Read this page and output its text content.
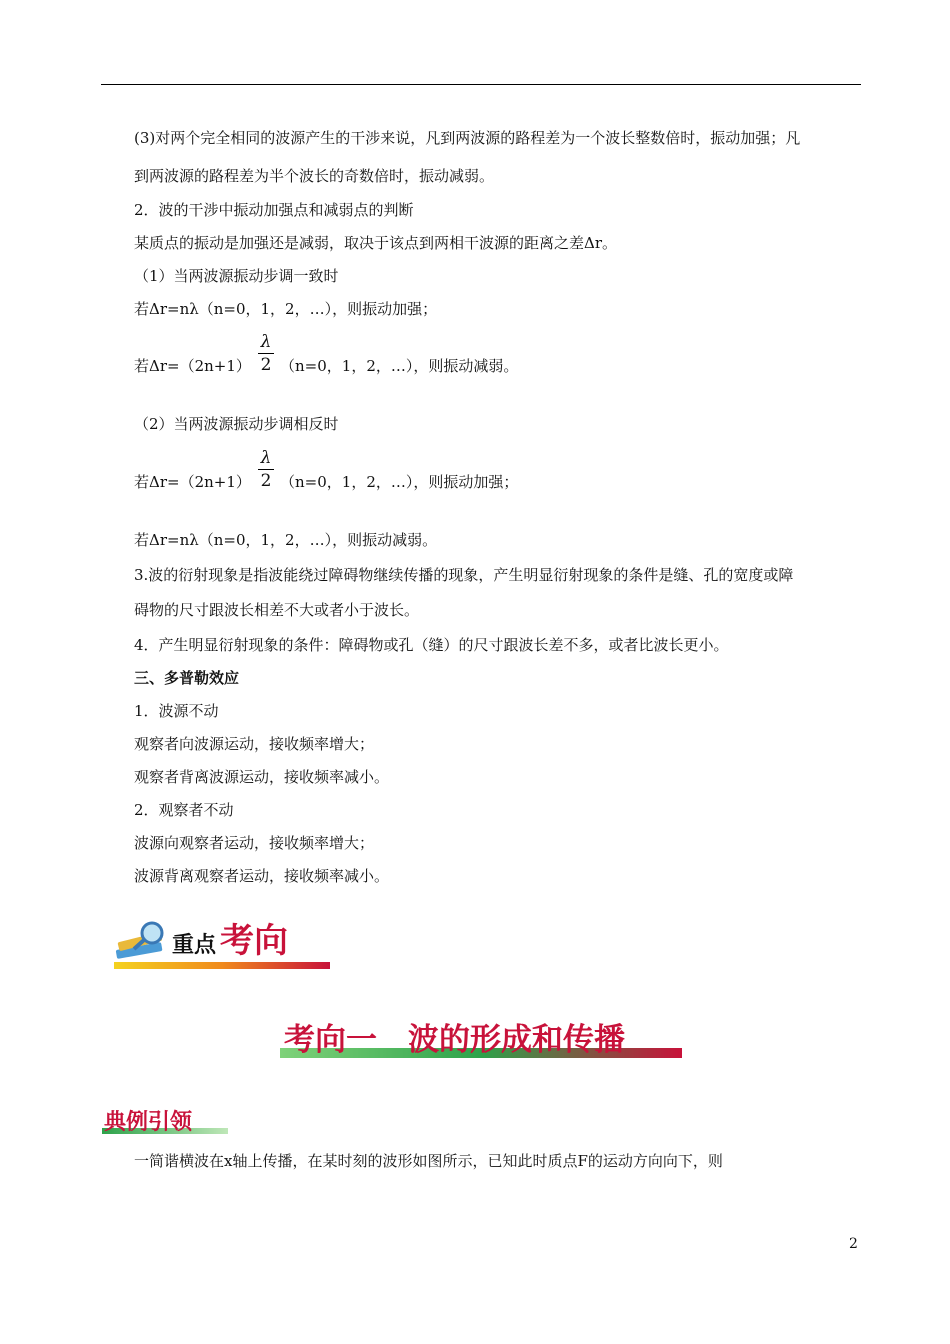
(3)对两个完全相同的波源产生的干涉来说，凡到两波源的路程差为一个波长整数倍时，振动加强；凡
到两波源的路程差为半个波长的奇数倍时，振动减弱。
2．波的干涉中振动加强点和减弱点的判断
某质点的振动是加强还是减弱，取决于该点到两相干波源的距离之差Δr。
（1）当两波源振动步调一致时
若Δr=nλ（n=0，1，2，…），则振动加强；
若Δr=（2n+1）
λ
2 （n=0，1，2，…），则振动减弱。
（2）当两波源振动步调相反时
若Δr=（2n+1）
λ
2 （n=0，1，2，…），则振动加强；
若Δr=nλ（n=0，1，2，…），则振动减弱。
3.波的衍射现象是指波能绕过障碍物继续传播的现象，产生明显衍射现象的条件是缝、孔的宽度或障
碍物的尺寸跟波长相差不大或者小于波长。
4．产生明显衍射现象的条件：障碍物或孔（缝）的尺寸跟波长差不多，或者比波长更小。
三、多普勒效应
1．波源不动
观察者向波源运动，接收频率增大；
观察者背离波源运动，接收频率减小。
2．观察者不动
波源向观察者运动，接收频率增大；
波源背离观察者运动，接收频率减小。
重点 考向
考向一　波的形成和传播
典例引领
一简谐横波在x轴上传播，在某时刻的波形如图所示，已知此时质点F的运动方向向下，则
2
